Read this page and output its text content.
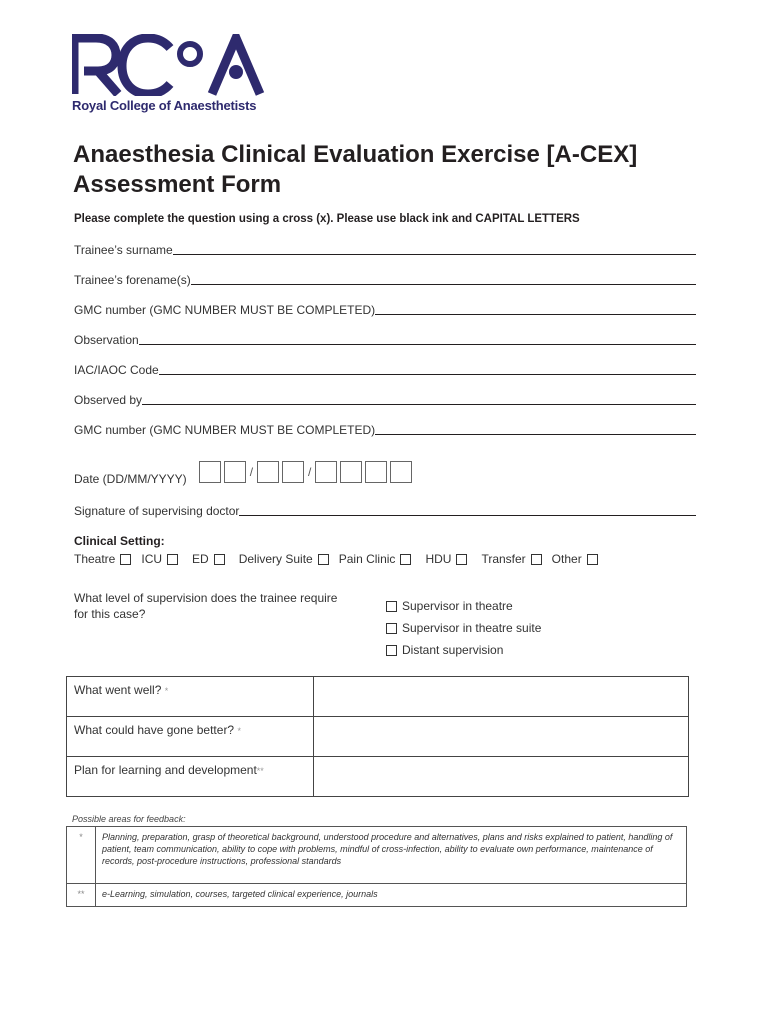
Royal College of Anaesthetists
Anaesthesia Clinical Evaluation Exercise [A-CEX]
Assessment Form
Please complete the question using a cross (x). Please use black ink and CAPITAL LETTERS
Trainee’s surname
Trainee’s forename(s)
GMC number (GMC NUMBER MUST BE COMPLETED)
Observation
IAC/IAOC Code
Observed by
GMC number (GMC NUMBER MUST BE COMPLETED)
Date (DD/MM/YYYY)	/	/
Signature of supervising doctor
Clinical Setting:
Theatre ICU	ED	Delivery Suite Pain Clinic	HDU	Transfer Other
What level of supervision does the trainee require for this case?
Supervisor in theatre
Supervisor in theatre suite
Distant supervision
What went well? *	
What could have gone better? *	
Plan for learning and development**	
Possible areas for feedback:
*	Planning, preparation, grasp of theoretical background, understood procedure and alternatives, plans and risks explained to patient, handling of patient, team communication, ability to cope with problems, mindful of cross-infection, ability to evaluate own performance, maintenance of records, post-procedure instructions, professional standards
**	e-Learning, simulation, courses, targeted clinical experience, journals
